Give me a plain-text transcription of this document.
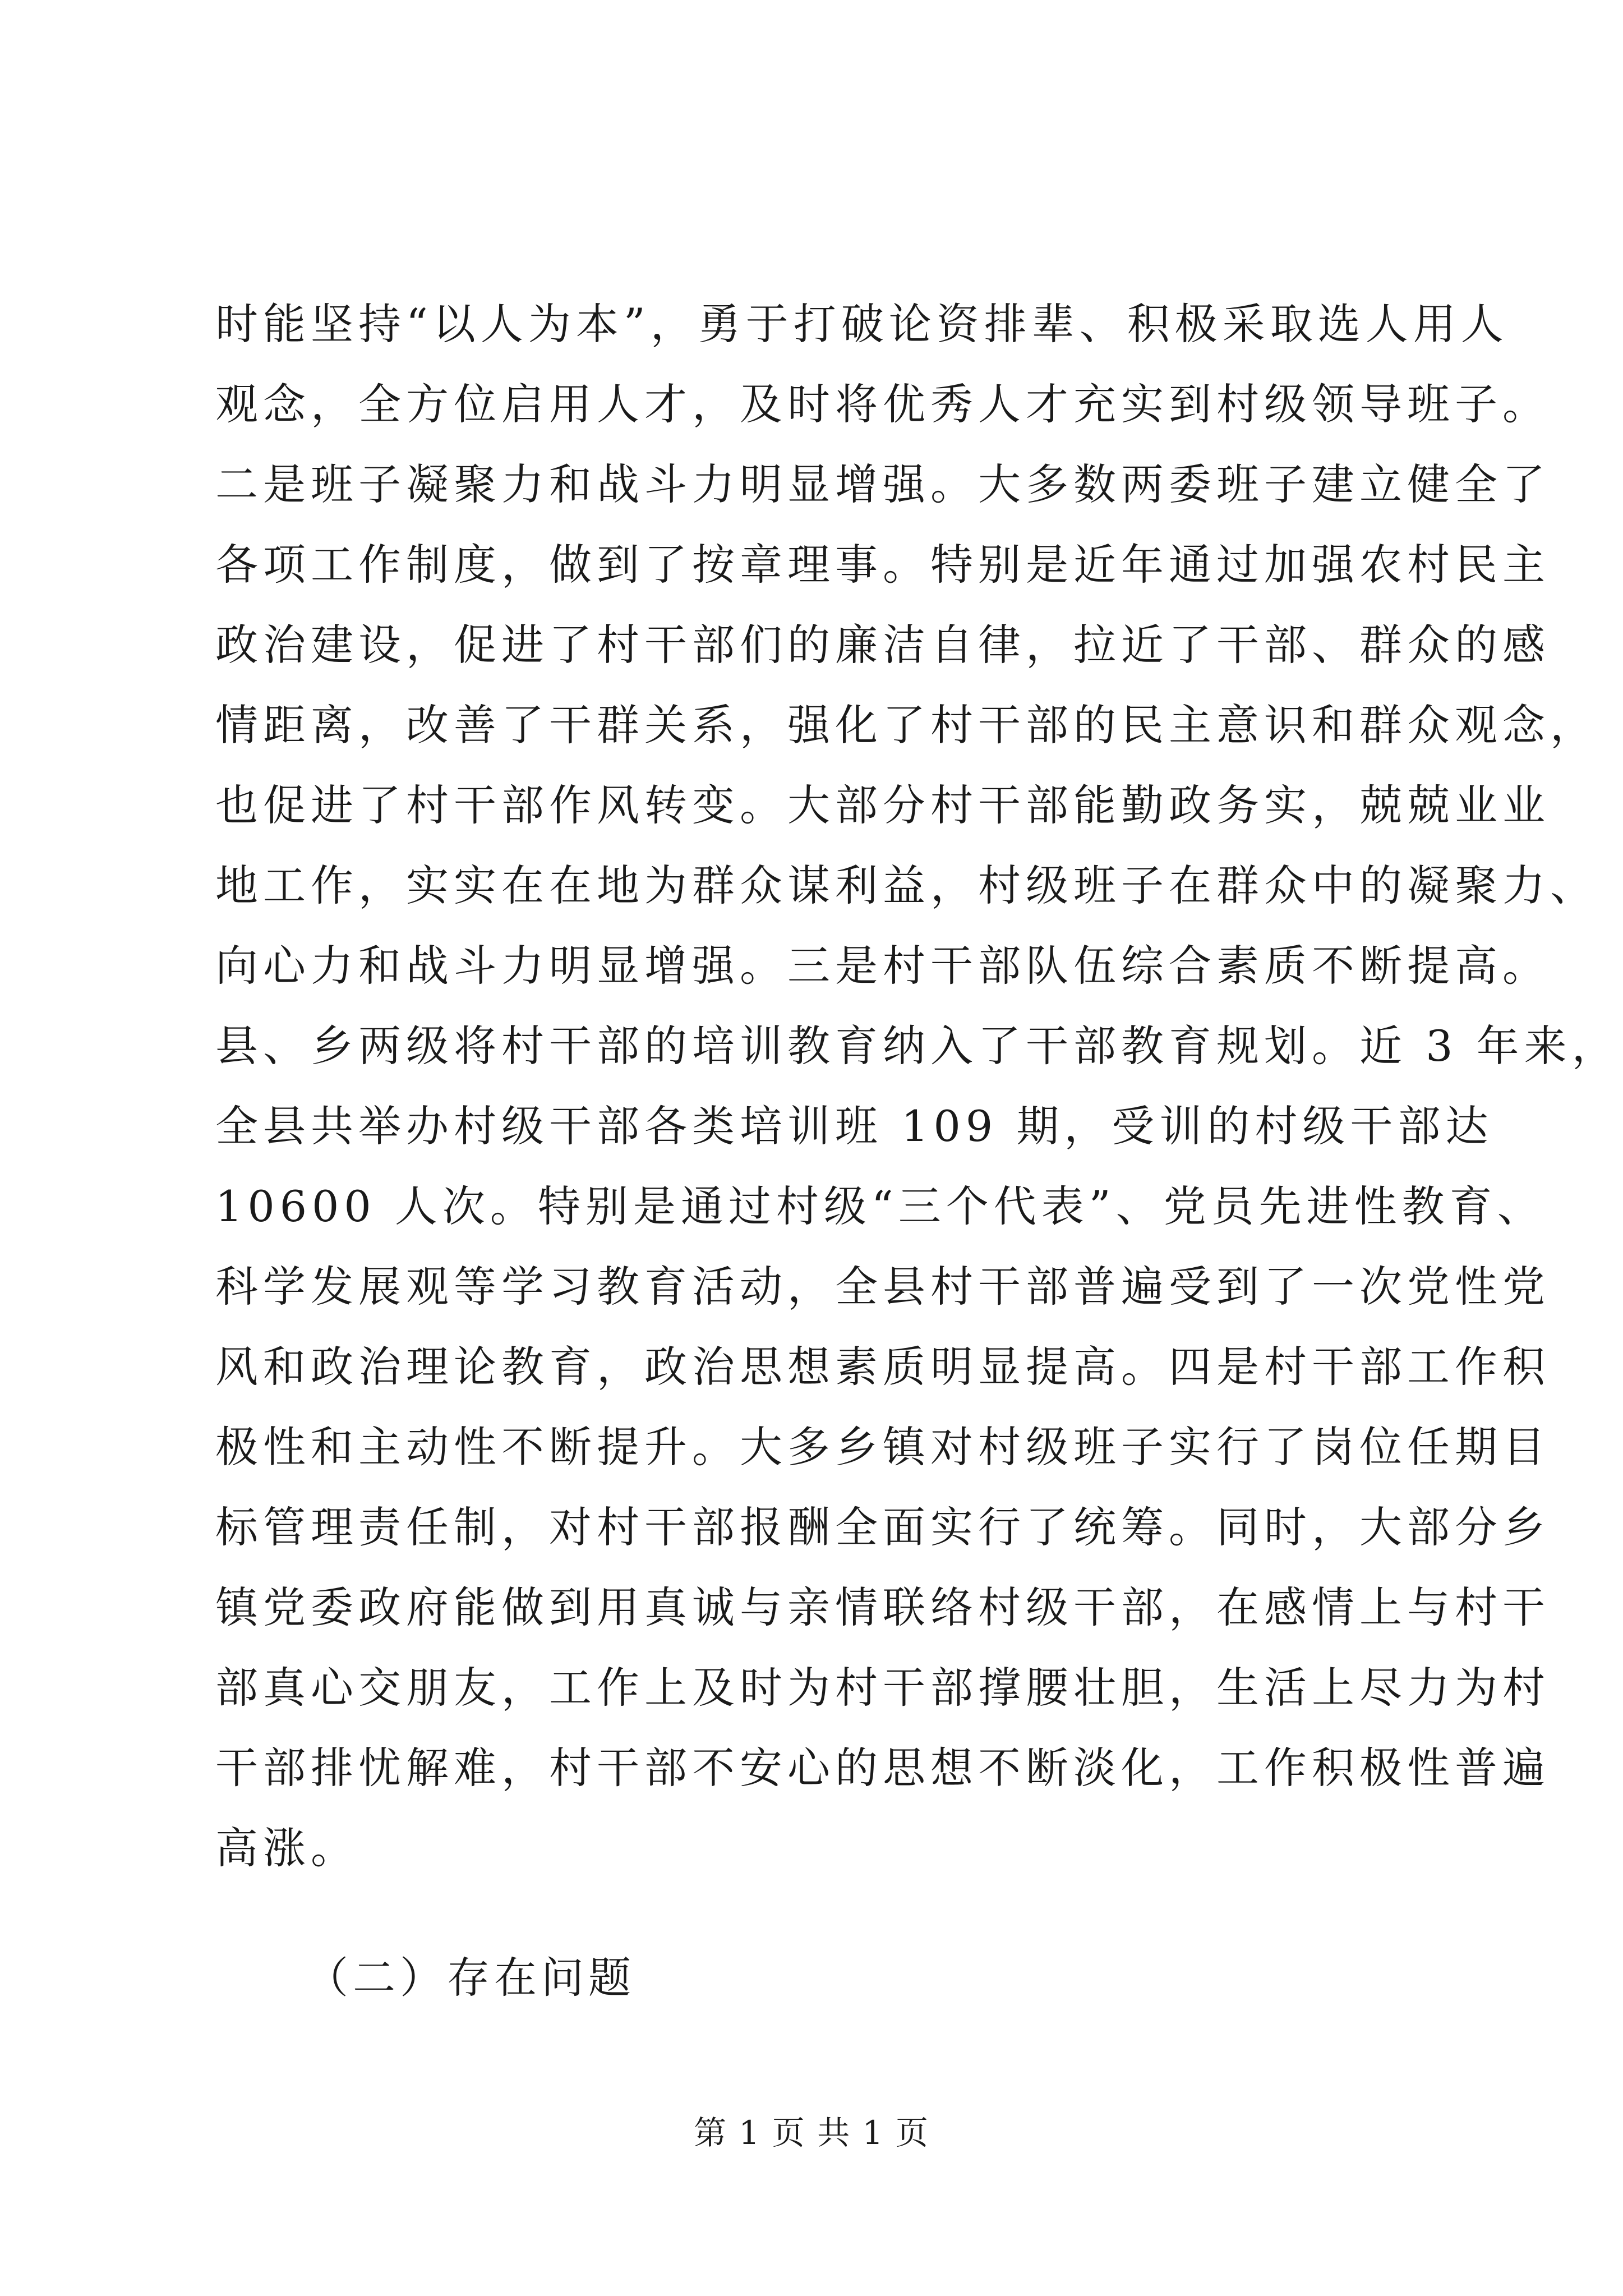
时能坚持“以人为本”，勇于打破论资排辈、积极采取选人用人
观念，全方位启用人才，及时将优秀人才充实到村级领导班子。
二是班子凝聚力和战斗力明显增强。大多数两委班子建立健全了
各项工作制度，做到了按章理事。特别是近年通过加强农村民主
政治建设，促进了村干部们的廉洁自律，拉近了干部、群众的感
情距离，改善了干群关系，强化了村干部的民主意识和群众观念，
也促进了村干部作风转变。大部分村干部能勤政务实，兢兢业业
地工作，实实在在地为群众谋利益，村级班子在群众中的凝聚力、
向心力和战斗力明显增强。三是村干部队伍综合素质不断提高。
县、乡两级将村干部的培训教育纳入了干部教育规划。近 3 年来，
全县共举办村级干部各类培训班 109 期，受训的村级干部达
10600 人次。特别是通过村级“三个代表”、党员先进性教育、
科学发展观等学习教育活动，全县村干部普遍受到了一次党性党
风和政治理论教育，政治思想素质明显提高。四是村干部工作积
极性和主动性不断提升。大多乡镇对村级班子实行了岗位任期目
标管理责任制，对村干部报酬全面实行了统筹。同时，大部分乡
镇党委政府能做到用真诚与亲情联络村级干部，在感情上与村干
部真心交朋友，工作上及时为村干部撑腰壮胆，生活上尽力为村
干部排忧解难，村干部不安心的思想不断淡化，工作积极性普遍
高涨。
（二）存在问题
第 1 页 共 1 页
